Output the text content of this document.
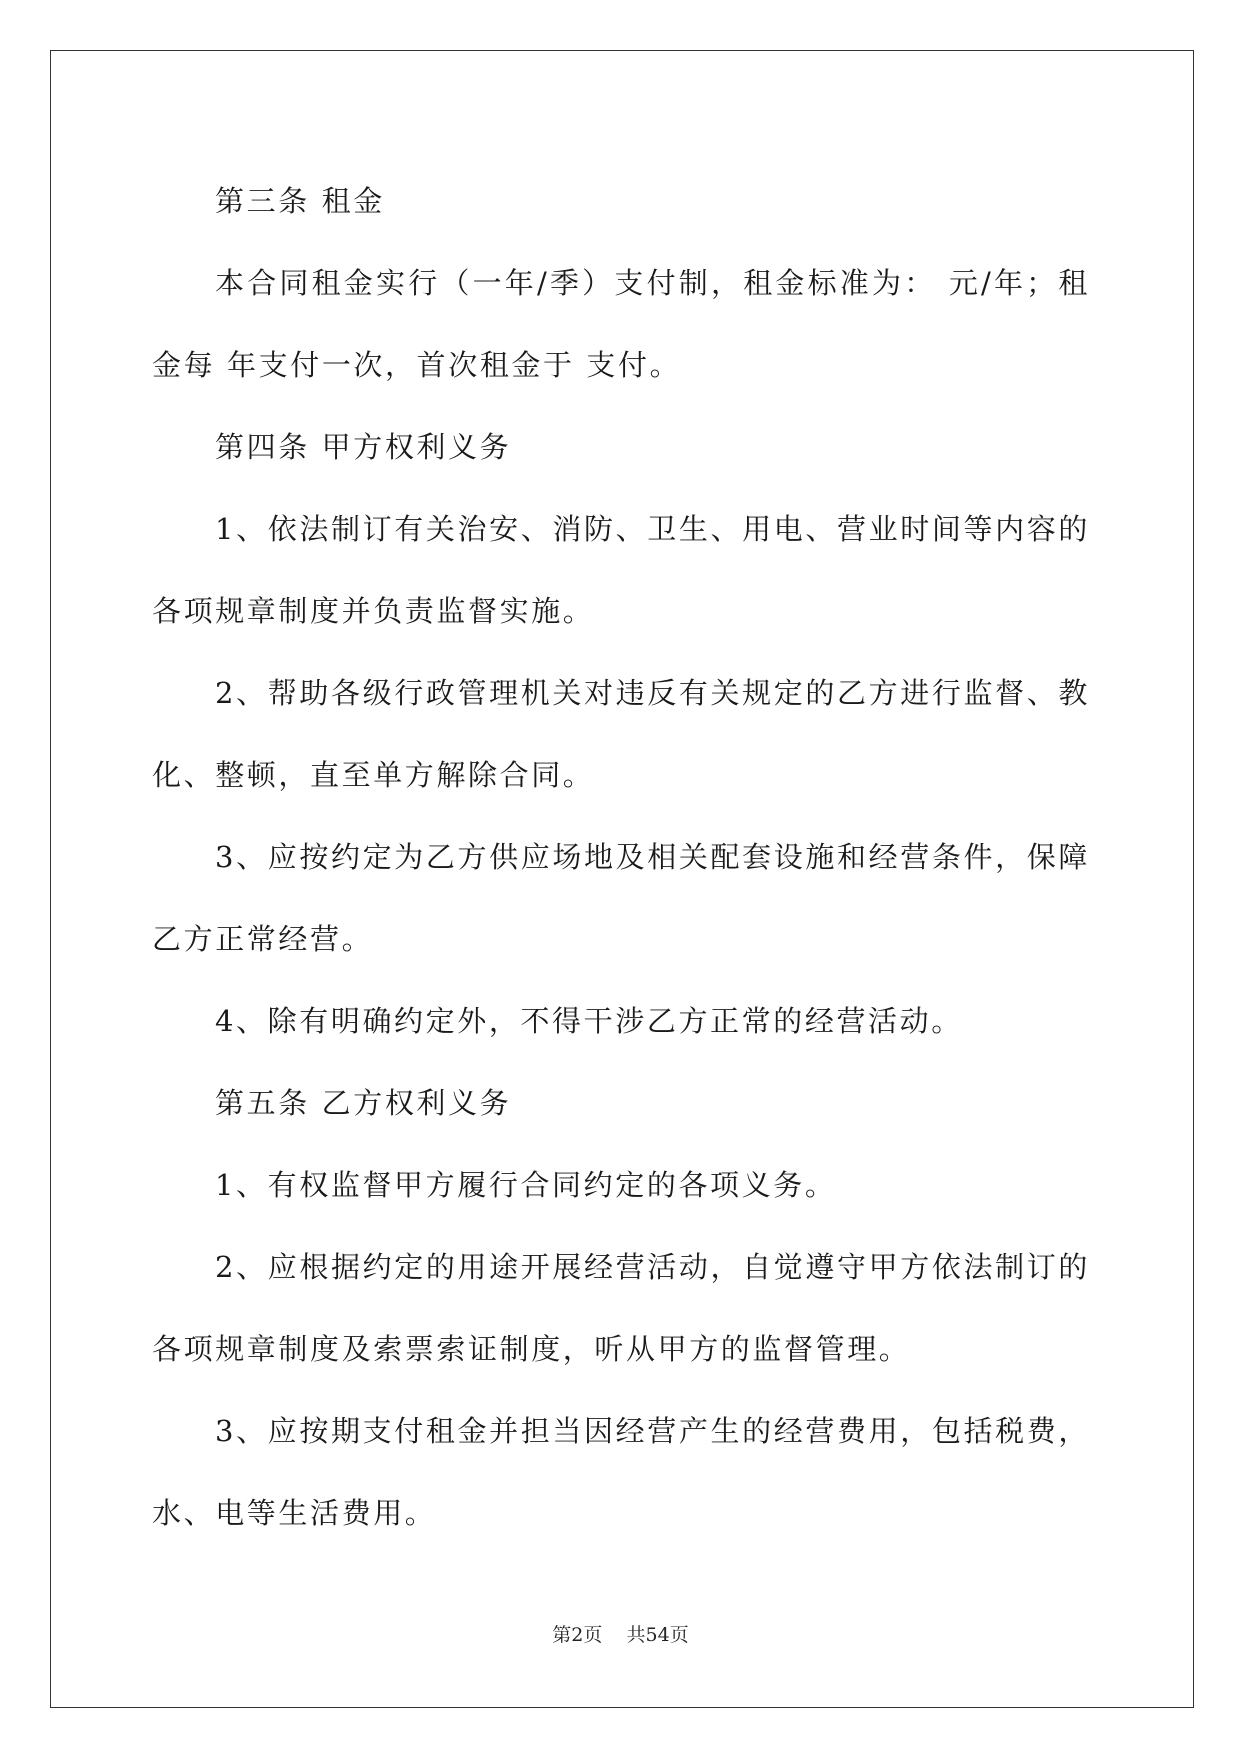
第三条 租金

本合同租金实行（一年/季）支付制，租金标准为： 元/年；租金每 年支付一次，首次租金于 支付。

第四条 甲方权利义务

1、依法制订有关治安、消防、卫生、用电、营业时间等内容的各项规章制度并负责监督实施。

2、帮助各级行政管理机关对违反有关规定的乙方进行监督、教化、整顿，直至单方解除合同。

3、应按约定为乙方供应场地及相关配套设施和经营条件，保障乙方正常经营。

4、除有明确约定外，不得干涉乙方正常的经营活动。

第五条 乙方权利义务

1、有权监督甲方履行合同约定的各项义务。

2、应根据约定的用途开展经营活动，自觉遵守甲方依法制订的各项规章制度及索票索证制度，听从甲方的监督管理。

3、应按期支付租金并担当因经营产生的经营费用，包括税费，水、电等生活费用。

第2页 共54页
